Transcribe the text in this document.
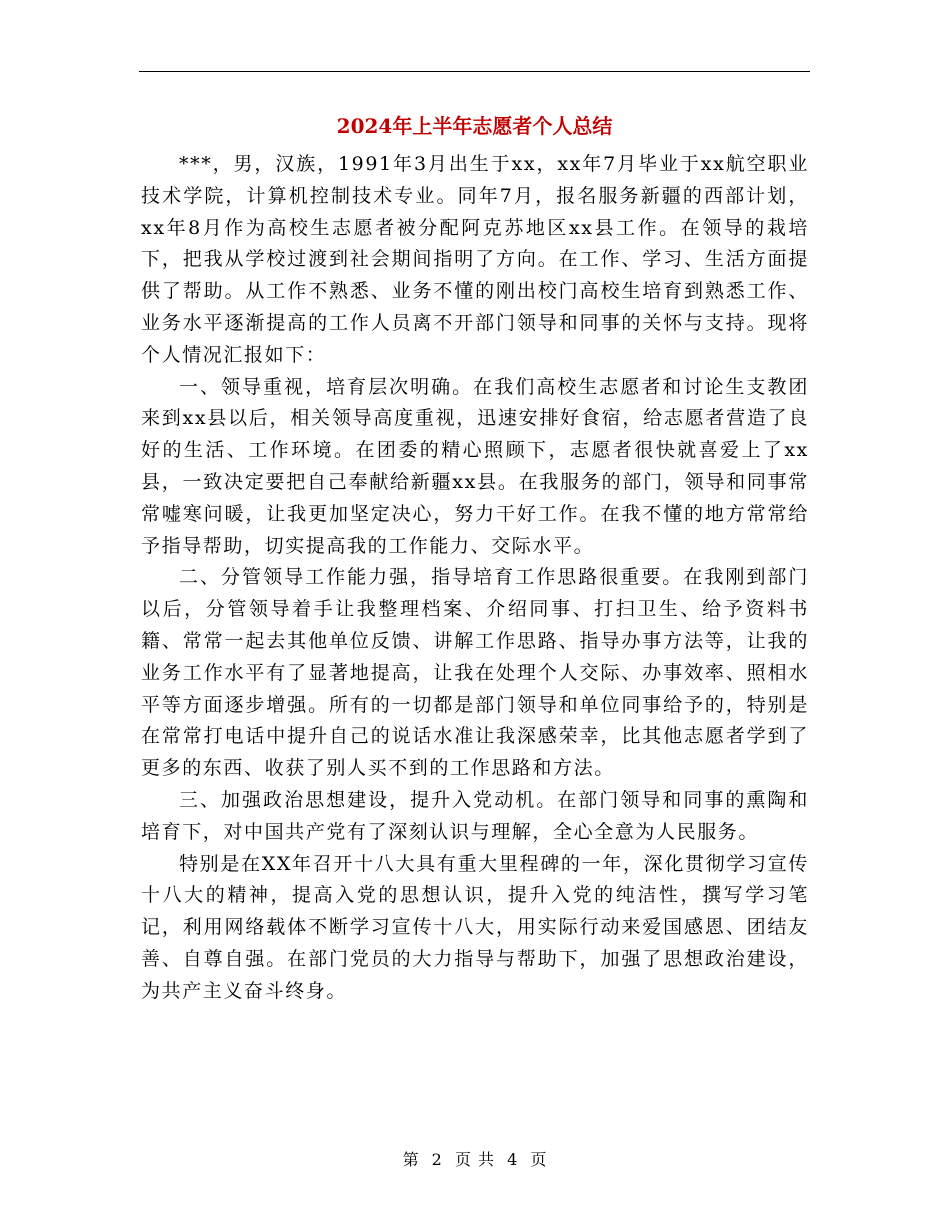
2024年上半年志愿者个人总结

***，男，汉族，1991年3月出生于xx，xx年7月毕业于xx航空职业技术学院，计算机控制技术专业。同年7月，报名服务新疆的西部计划，xx年8月作为高校生志愿者被分配阿克苏地区xx县工作。在领导的栽培下，把我从学校过渡到社会期间指明了方向。在工作、学习、生活方面提供了帮助。从工作不熟悉、业务不懂的刚出校门高校生培育到熟悉工作、业务水平逐渐提高的工作人员离不开部门领导和同事的关怀与支持。现将个人情况汇报如下：

一、领导重视，培育层次明确。在我们高校生志愿者和讨论生支教团来到xx县以后，相关领导高度重视，迅速安排好食宿，给志愿者营造了良好的生活、工作环境。在团委的精心照顾下，志愿者很快就喜爱上了xx县，一致决定要把自己奉献给新疆xx县。在我服务的部门，领导和同事常常嘘寒问暖，让我更加坚定决心，努力干好工作。在我不懂的地方常常给予指导帮助，切实提高我的工作能力、交际水平。

二、分管领导工作能力强，指导培育工作思路很重要。在我刚到部门以后，分管领导着手让我整理档案、介绍同事、打扫卫生、给予资料书籍、常常一起去其他单位反馈、讲解工作思路、指导办事方法等，让我的业务工作水平有了显著地提高，让我在处理个人交际、办事效率、照相水平等方面逐步增强。所有的一切都是部门领导和单位同事给予的，特别是在常常打电话中提升自己的说话水准让我深感荣幸，比其他志愿者学到了更多的东西、收获了别人买不到的工作思路和方法。

三、加强政治思想建设，提升入党动机。在部门领导和同事的熏陶和培育下，对中国共产党有了深刻认识与理解，全心全意为人民服务。

特别是在XX年召开十八大具有重大里程碑的一年，深化贯彻学习宣传十八大的精神，提高入党的思想认识，提升入党的纯洁性，撰写学习笔记，利用网络载体不断学习宣传十八大，用实际行动来爱国感恩、团结友善、自尊自强。在部门党员的大力指导与帮助下，加强了思想政治建设，为共产主义奋斗终身。

第 2 页 共 4 页
